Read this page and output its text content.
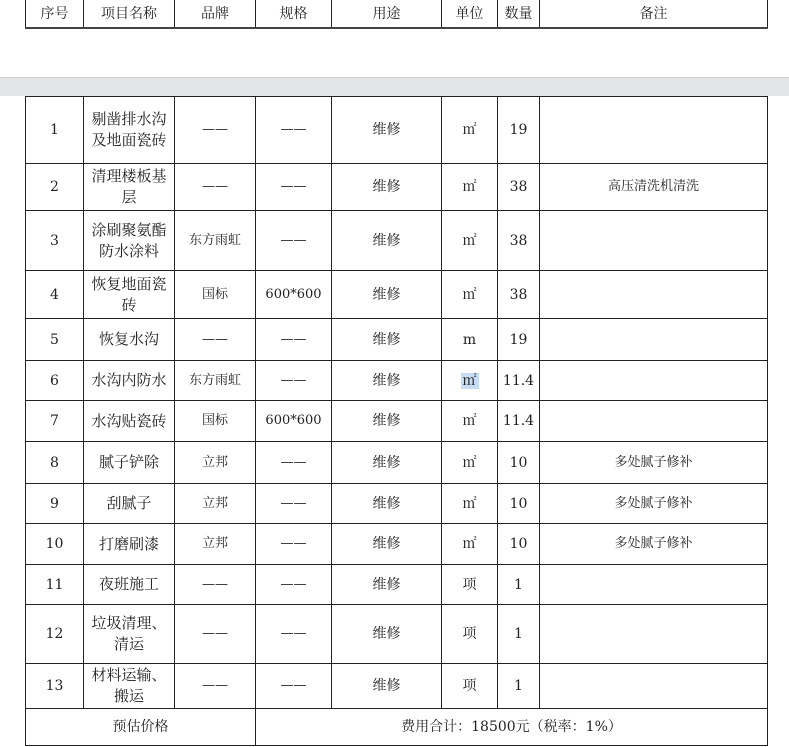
序号	项目名称	品牌	规格	用途	单位	数量	备注
1	剔凿排水沟及地面瓷砖	——	——	维修	㎡	19	
2	清理楼板基层	——	——	维修	㎡	38	高压清洗机清洗
3	涂刷聚氨酯防水涂料	东方雨虹	——	维修	㎡	38	
4	恢复地面瓷砖	国标	600*600	维修	㎡	38	
5	恢复水沟	——	——	维修	m	19	
6	水沟内防水	东方雨虹	——	维修	㎡	11.4	
7	水沟贴瓷砖	国标	600*600	维修	㎡	11.4	
8	腻子铲除	立邦	——	维修	㎡	10	多处腻子修补
9	刮腻子	立邦	——	维修	㎡	10	多处腻子修补
10	打磨刷漆	立邦	——	维修	㎡	10	多处腻子修补
11	夜班施工	——	——	维修	项	1	
12	垃圾清理、清运	——	——	维修	项	1	
13	材料运输、搬运	——	——	维修	项	1	
预估价格			费用合计：18500元（税率：1%）				
